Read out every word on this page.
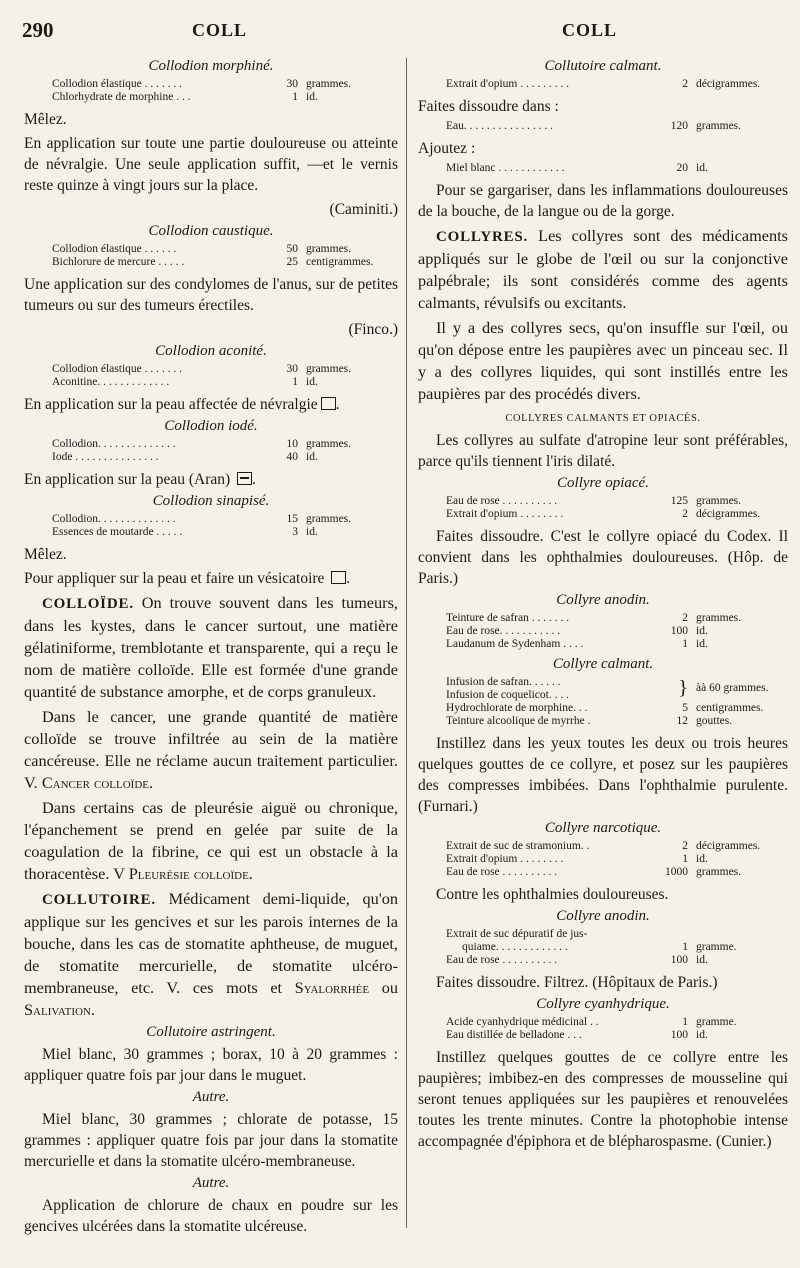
290	COLL	COLL
Collodion morphiné.
Collodion élastique . . . . . . .	30	grammes.
Chlorhydrate de morphine . . .	1	id.

Mêlez.

En application sur toute une partie douloureuse ou atteinte de névralgie. Une seule application suffit, —et le vernis reste quinze à vingt jours sur la place.

(Caminiti.)

Collodion caustique.
Collodion élastique . . . . . .	50	grammes.
Bichlorure de mercure . . . . .	25	centigrammes.

Une application sur des condylomes de l'anus, sur de petites tumeurs ou sur des tumeurs érectiles.

(Finco.)

Collodion aconité.
Collodion élastique . . . . . . .	30	grammes.
Aconitine. . . . . . . . . . . . .	1	id.

En application sur la peau affectée de névralgie .

Collodion iodé.
Collodion. . . . . . . . . . . . . .	10	grammes.
Iode . . . . . . . . . . . . . . .	40	id.

En application sur la peau (Aran) .

Collodion sinapisé.
Collodion. . . . . . . . . . . . . .	15	grammes.
Essences de moutarde . . . . .	3	id.

Mêlez.

Pour appliquer sur la peau et faire un vésicatoire .

COLLOÏDE. On trouve souvent dans les tumeurs, dans les kystes, dans le cancer surtout, une matière gélatiniforme, tremblotante et transparente, qui a reçu le nom de matière colloïde. Elle est formée d'une grande quantité de substance amorphe, et de corps granuleux.

Dans le cancer, une grande quantité de matière colloïde se trouve infiltrée au sein de la matière cancéreuse. Elle ne réclame aucun traitement particulier. V. Cancer colloïde.

Dans certains cas de pleurésie aiguë ou chronique, l'épanchement se prend en gelée par suite de la coagulation de la fibrine, ce qui est un obstacle à la thoracentèse. V Pleurésie colloïde.

COLLUTOIRE. Médicament demi-liquide, qu'on applique sur les gencives et sur les parois internes de la bouche, dans les cas de stomatite aphtheuse, de muguet, de stomatite mercurielle, de stomatite ulcéro-membraneuse, etc. V. ces mots et Syalorrhée ou Salivation.

Collutoire astringent.

Miel blanc, 30 grammes ; borax, 10 à 20 grammes : appliquer quatre fois par jour dans le muguet.

Autre.

Miel blanc, 30 grammes ; chlorate de potasse, 15 grammes : appliquer quatre fois par jour dans la stomatite mercurielle et dans la stomatite ulcéro-membraneuse.

Autre.

Application de chlorure de chaux en poudre sur les gencives ulcérées dans la stomatite ulcéreuse.

Collutoire calmant.
Extrait d'opium . . . . . . . . .	2	décigrammes.

Faites dissoudre dans :

Eau. . . . . . . . . . . . . . . .	120	grammes.

Ajoutez :

Miel blanc . . . . . . . . . . . .	20	id.

Pour se gargariser, dans les inflammations douloureuses de la bouche, de la langue ou de la gorge.

COLLYRES. Les collyres sont des médicaments appliqués sur le globe de l'œil ou sur la conjonctive palpébrale; ils sont considérés comme des agents calmants, révulsifs ou excitants.

Il y a des collyres secs, qu'on insuffle sur l'œil, ou qu'on dépose entre les paupières avec un pinceau sec. Il y a des collyres liquides, qui sont instillés entre les paupières par des procédés divers.

COLLYRES CALMANTS ET OPIACÉS.

Les collyres au sulfate d'atropine leur sont préférables, parce qu'ils tiennent l'iris dilaté.

Collyre opiacé.
Eau de rose . . . . . . . . . .	125	grammes.
Extrait d'opium . . . . . . . .	2	décigrammes.

Faites dissoudre. C'est le collyre opiacé du Codex. Il convient dans les ophthalmies douloureuses. (Hôp. de Paris.)

Collyre anodin.
Teinture de safran . . . . . . .	2	grammes.
Eau de rose. . . . . . . . . . .	100	id.
Laudanum de Sydenham . . . .	1	id.
Collyre calmant.
Infusion de safran. . . . . .
Infusion de coquelicot. . . .	}	àà 60 grammes.
Hydrochlorate de morphine. . .	5	centigrammes.
Teinture alcoolique de myrrhe .	12	gouttes.

Instillez dans les yeux toutes les deux ou trois heures quelques gouttes de ce collyre, et posez sur les paupières des compresses imbibées. Dans l'ophthalmie purulente. (Furnari.)

Collyre narcotique.
Extrait de suc de stramonium. .	2	décigrammes.
Extrait d'opium . . . . . . . .	1	id.
Eau de rose . . . . . . . . . .	1000	grammes.

Contre les ophthalmies douloureuses.

Collyre anodin.
Extrait de suc dépuratif de jus-		
quiame. . . . . . . . . . . . .	1	gramme.
Eau de rose . . . . . . . . . .	100	id.

Faites dissoudre. Filtrez. (Hôpitaux de Paris.)

Collyre cyanhydrique.
Acide cyanhydrique médicinal . .	1	gramme.
Eau distillée de belladone . . .	100	id.

Instillez quelques gouttes de ce collyre entre les paupières; imbibez-en des compresses de mousseline qui seront tenues appliquées sur les paupières et renouvelées toutes les trente minutes. Contre la photophobie intense accompagnée d'épiphora et de blépharospasme. (Cunier.)
